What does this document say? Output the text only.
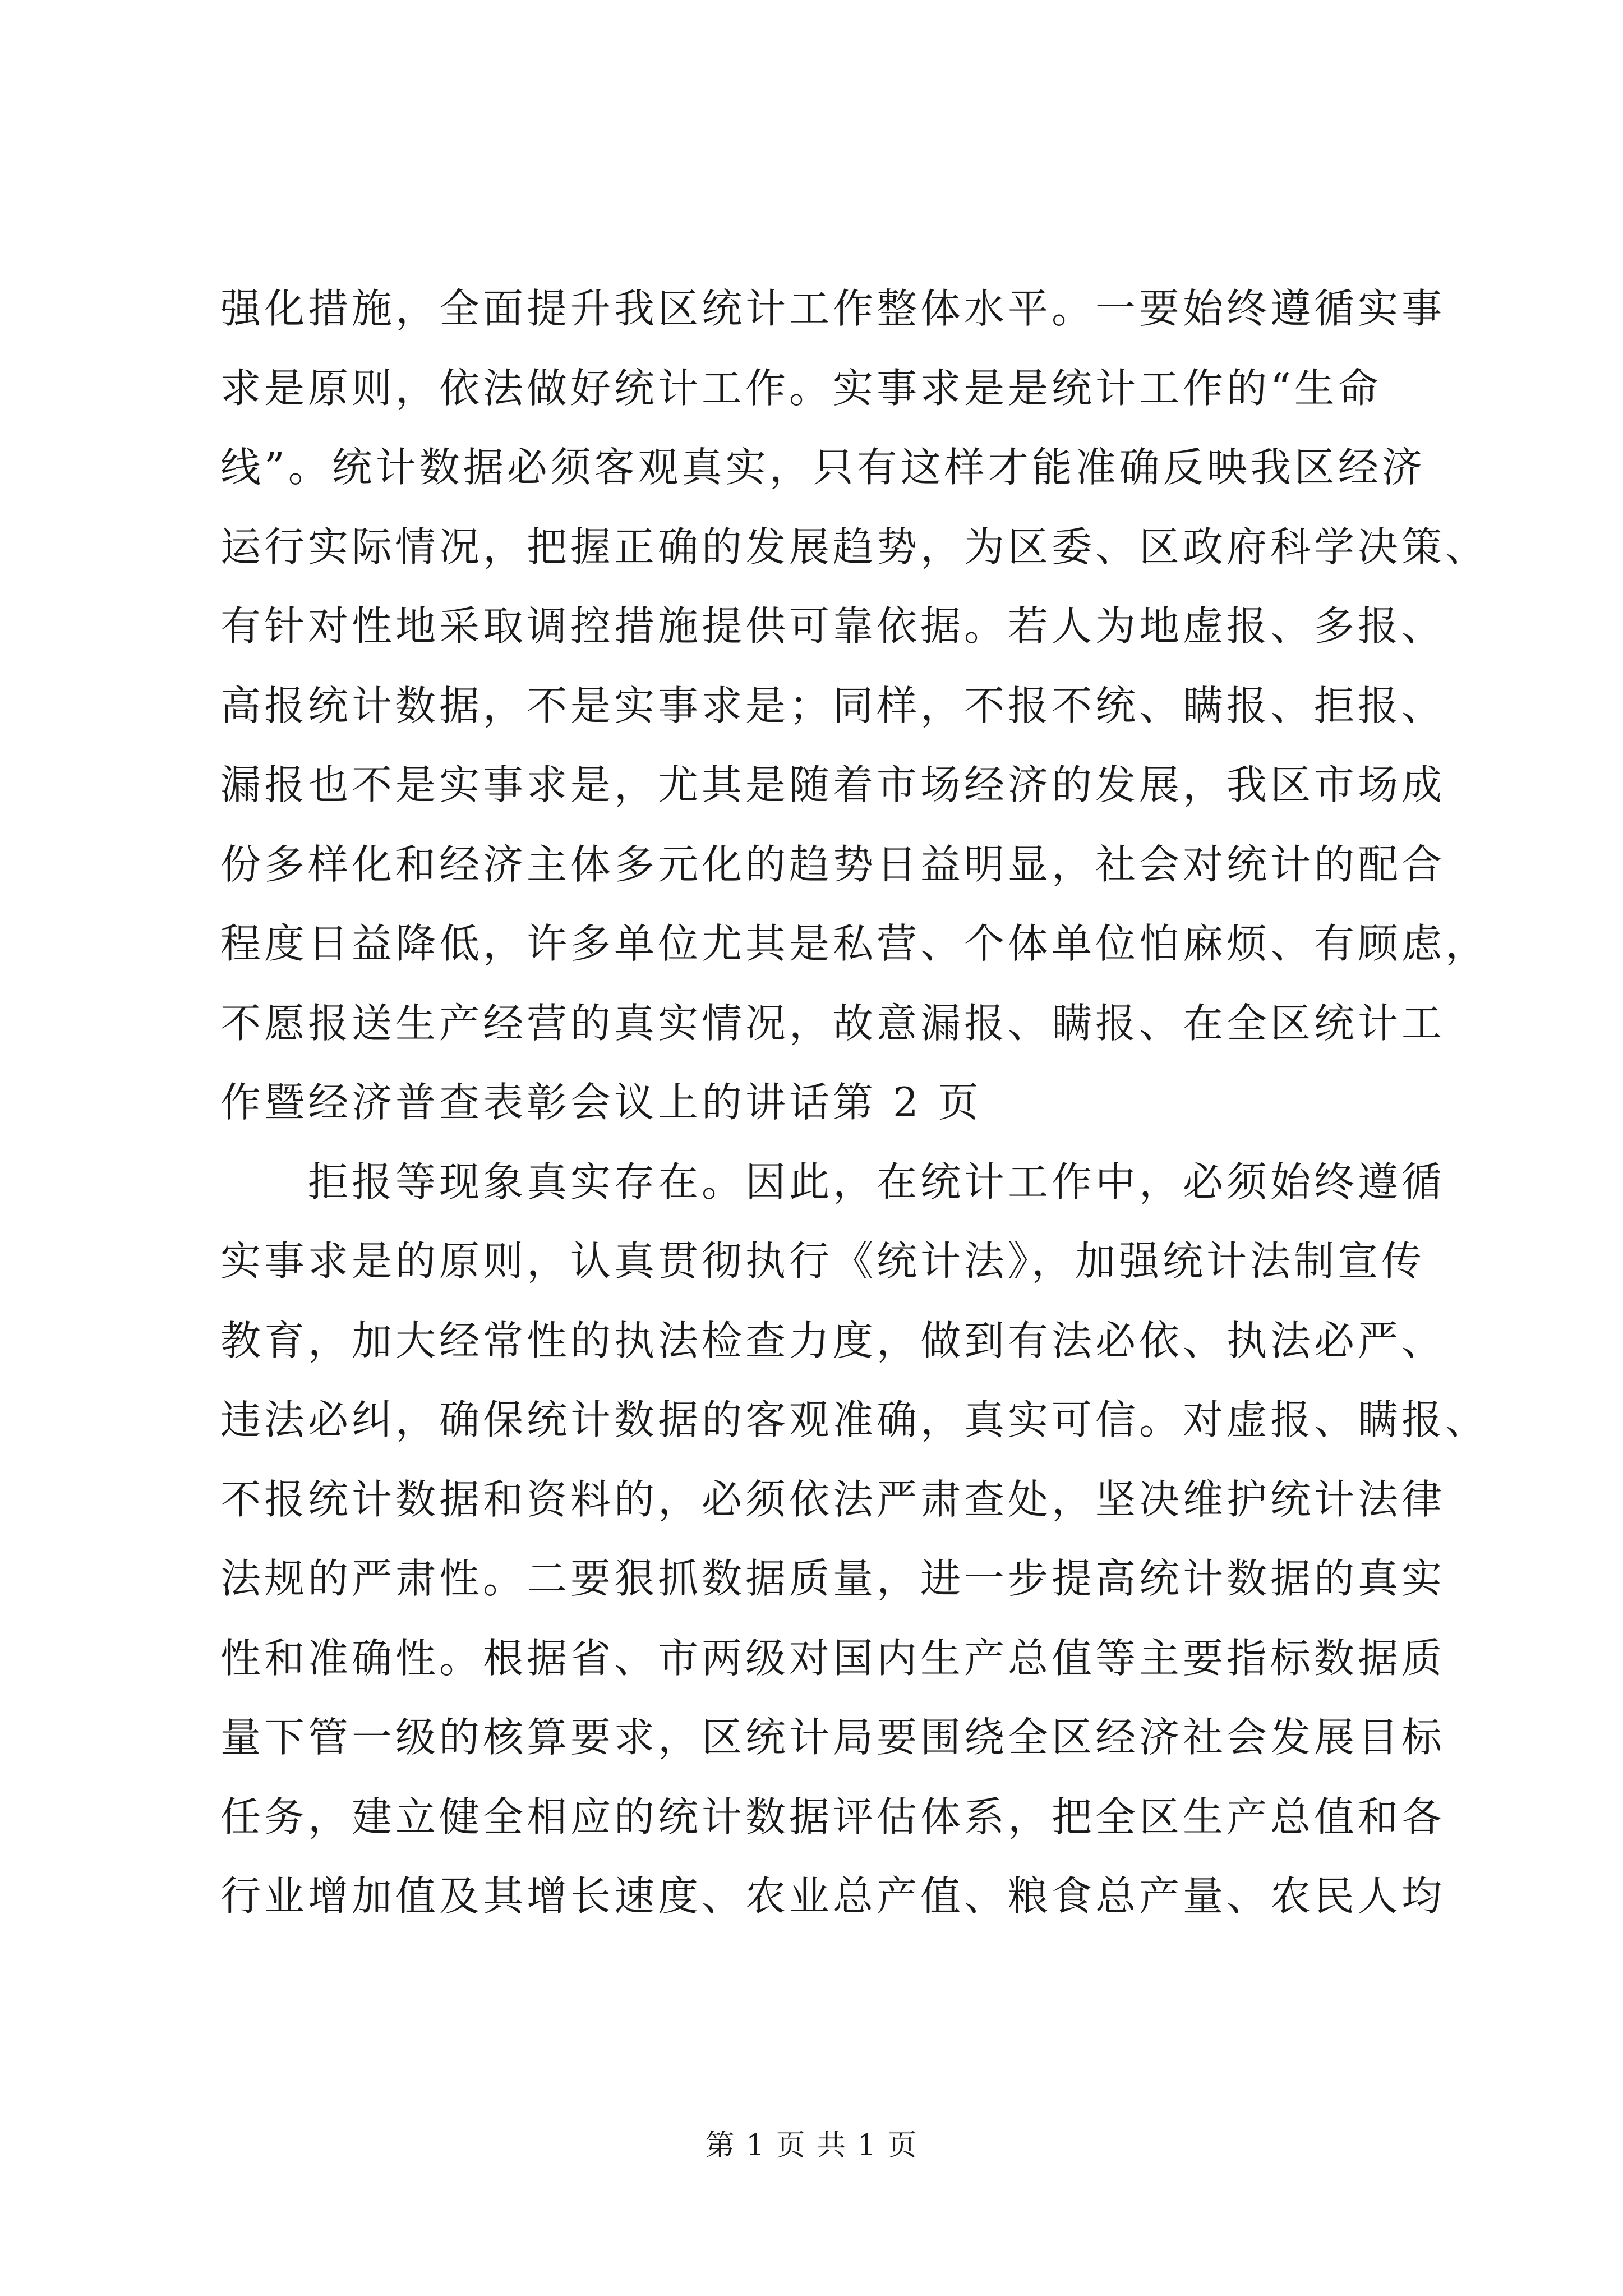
强化措施，全面提升我区统计工作整体水平。一要始终遵循实事
求是原则，依法做好统计工作。实事求是是统计工作的“生命
线”。统计数据必须客观真实，只有这样才能准确反映我区经济
运行实际情况，把握正确的发展趋势，为区委、区政府科学决策、
有针对性地采取调控措施提供可靠依据。若人为地虚报、多报、
高报统计数据，不是实事求是；同样，不报不统、瞒报、拒报、
漏报也不是实事求是，尤其是随着市场经济的发展，我区市场成
份多样化和经济主体多元化的趋势日益明显，社会对统计的配合
程度日益降低，许多单位尤其是私营、个体单位怕麻烦、有顾虑，
不愿报送生产经营的真实情况，故意漏报、瞒报、在全区统计工
作暨经济普查表彰会议上的讲话第 2 页
　　拒报等现象真实存在。因此，在统计工作中，必须始终遵循
实事求是的原则，认真贯彻执行《统计法》，加强统计法制宣传
教育，加大经常性的执法检查力度，做到有法必依、执法必严、
违法必纠，确保统计数据的客观准确，真实可信。对虚报、瞒报、
不报统计数据和资料的，必须依法严肃查处，坚决维护统计法律
法规的严肃性。二要狠抓数据质量，进一步提高统计数据的真实
性和准确性。根据省、市两级对国内生产总值等主要指标数据质
量下管一级的核算要求，区统计局要围绕全区经济社会发展目标
任务，建立健全相应的统计数据评估体系，把全区生产总值和各
行业增加值及其增长速度、农业总产值、粮食总产量、农民人均
第 1 页 共 1 页
